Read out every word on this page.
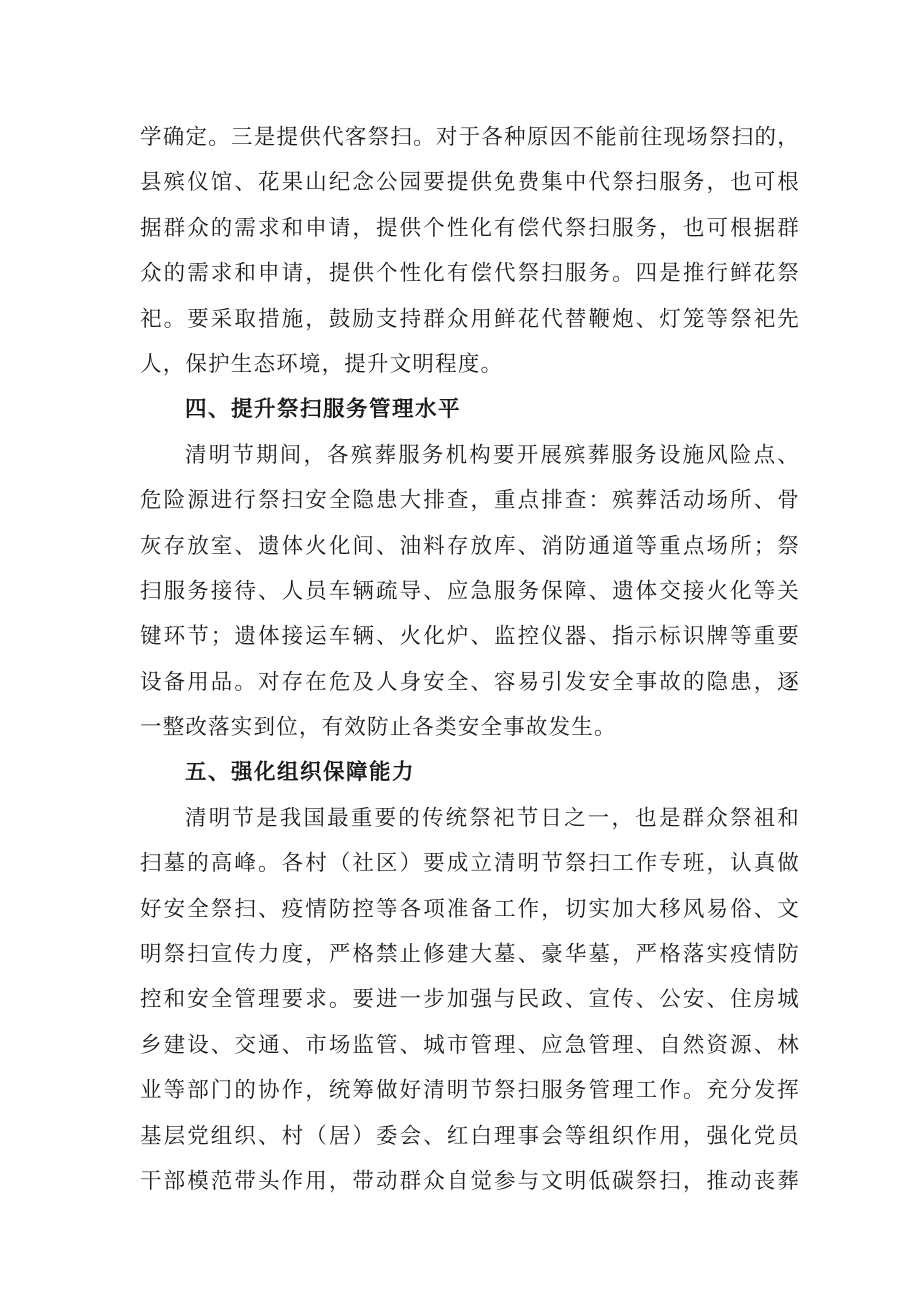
学确定。三是提供代客祭扫。对于各种原因不能前往现场祭扫的，
县殡仪馆、花果山纪念公园要提供免费集中代祭扫服务，也可根
据群众的需求和申请，提供个性化有偿代祭扫服务，也可根据群
众的需求和申请，提供个性化有偿代祭扫服务。四是推行鲜花祭
祀。要采取措施，鼓励支持群众用鲜花代替鞭炮、灯笼等祭祀先
人，保护生态环境，提升文明程度。
四、提升祭扫服务管理水平
清明节期间，各殡葬服务机构要开展殡葬服务设施风险点、
危险源进行祭扫安全隐患大排查，重点排查：殡葬活动场所、骨
灰存放室、遗体火化间、油料存放库、消防通道等重点场所；祭
扫服务接待、人员车辆疏导、应急服务保障、遗体交接火化等关
键环节；遗体接运车辆、火化炉、监控仪器、指示标识牌等重要
设备用品。对存在危及人身安全、容易引发安全事故的隐患，逐
一整改落实到位，有效防止各类安全事故发生。
五、强化组织保障能力
清明节是我国最重要的传统祭祀节日之一，也是群众祭祖和
扫墓的高峰。各村（社区）要成立清明节祭扫工作专班，认真做
好安全祭扫、疫情防控等各项准备工作，切实加大移风易俗、文
明祭扫宣传力度，严格禁止修建大墓、豪华墓，严格落实疫情防
控和安全管理要求。要进一步加强与民政、宣传、公安、住房城
乡建设、交通、市场监管、城市管理、应急管理、自然资源、林
业等部门的协作，统筹做好清明节祭扫服务管理工作。充分发挥
基层党组织、村（居）委会、红白理事会等组织作用，强化党员
干部模范带头作用，带动群众自觉参与文明低碳祭扫，推动丧葬
